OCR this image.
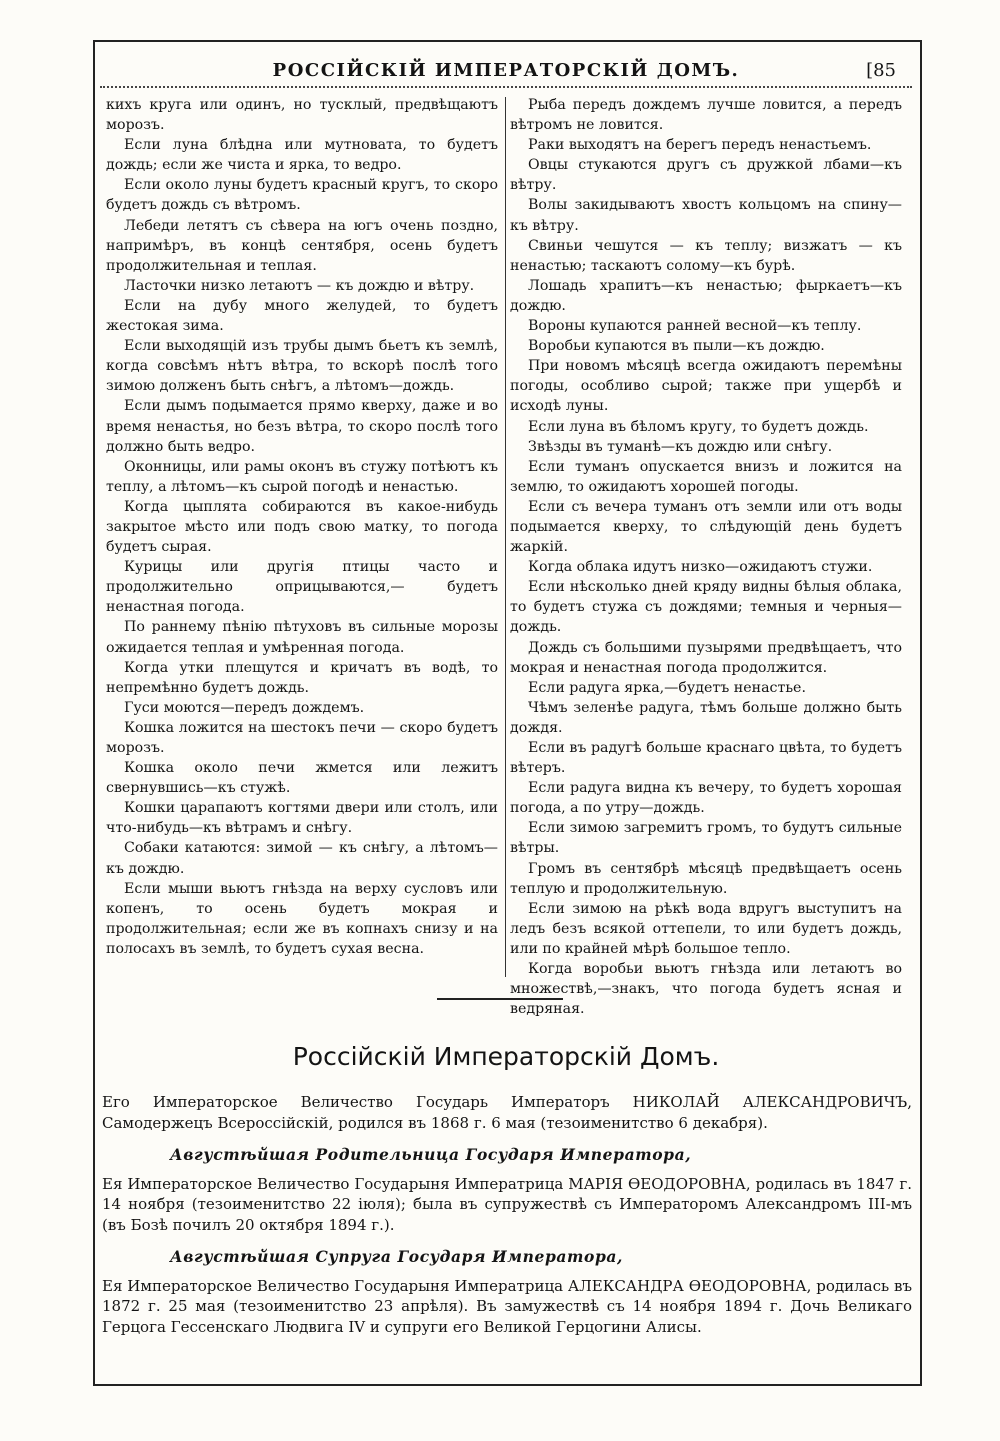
РОССІЙСКІЙ ИМПЕРАТОРСКІЙ ДОМЪ.	[85

кихъ круга или одинъ, но тусклый, предвѣщаютъ морозъ.

Если луна блѣдна или мутновата, то будетъ дождь; если же чиста и ярка, то ведро.

Если около луны будетъ красный кругъ, то скоро будетъ дождь съ вѣтромъ.

Лебеди летятъ съ сѣвера на югъ очень поздно, напримѣръ, въ концѣ сентября, осень будетъ продолжительная и теплая.

Ласточки низко летаютъ — къ дождю и вѣтру.

Если на дубу много желудей, то будетъ жестокая зима.

Если выходящій изъ трубы дымъ бьетъ къ землѣ, когда совсѣмъ нѣтъ вѣтра, то вскорѣ послѣ того зимою долженъ быть снѣгъ, а лѣтомъ—дождь.

Если дымъ подымается прямо кверху, даже и во время ненастья, но безъ вѣтра, то скоро послѣ того должно быть ведро.

Оконницы, или рамы оконъ въ стужу потѣютъ къ теплу, а лѣтомъ—къ сырой погодѣ и ненастью.

Когда цыплята собираются въ какое-нибудь закрытое мѣсто или подъ свою матку, то погода будетъ сырая.

Курицы или другія птицы часто и продолжительно оприцываются,— будетъ ненастная погода.

По раннему пѣнію пѣтуховъ въ сильные морозы ожидается теплая и умѣренная погода.

Когда утки плещутся и кричатъ въ водѣ, то непремѣнно будетъ дождь.

Гуси моются—передъ дождемъ.

Кошка ложится на шестокъ печи — скоро будетъ морозъ.

Кошка около печи жмется или лежитъ свернувшись—къ стужѣ.

Кошки царапаютъ когтями двери или столъ, или что-нибудь—къ вѣтрамъ и снѣгу.

Собаки катаются: зимой — къ снѣгу, а лѣтомъ—къ дождю.

Если мыши вьютъ гнѣзда на верху сусловъ или копенъ, то осень будетъ мокрая и продолжительная; если же въ копнахъ снизу и на полосахъ въ землѣ, то будетъ сухая весна.

Рыба передъ дождемъ лучше ловится, а передъ вѣтромъ не ловится.

Раки выходятъ на берегъ передъ ненастьемъ.

Овцы стукаются другъ съ дружкой лбами—къ вѣтру.

Волы закидываютъ хвостъ кольцомъ на спину—къ вѣтру.

Свиньи чешутся — къ теплу; визжатъ — къ ненастью; таскаютъ солому—къ бурѣ.

Лошадь храпитъ—къ ненастью; фыркаетъ—къ дождю.

Вороны купаются ранней весной—къ теплу.

Воробьи купаются въ пыли—къ дождю.

При новомъ мѣсяцѣ всегда ожидаютъ перемѣны погоды, особливо сырой; также при ущербѣ и исходѣ луны.

Если луна въ бѣломъ кругу, то будетъ дождь.

Звѣзды въ туманѣ—къ дождю или снѣгу.

Если туманъ опускается внизъ и ложится на землю, то ожидаютъ хорошей погоды.

Если съ вечера туманъ отъ земли или отъ воды подымается кверху, то слѣдующій день будетъ жаркій.

Когда облака идутъ низко—ожидаютъ стужи.

Если нѣсколько дней кряду видны бѣлыя облака, то будетъ стужа съ дождями; темныя и черныя—дождь.

Дождь съ большими пузырями предвѣщаетъ, что мокрая и ненастная погода продолжится.

Если радуга ярка,—будетъ ненастье.

Чѣмъ зеленѣе радуга, тѣмъ больше должно быть дождя.

Если въ радугѣ больше краснаго цвѣта, то будетъ вѣтеръ.

Если радуга видна къ вечеру, то будетъ хорошая погода, а по утру—дождь.

Если зимою загремитъ громъ, то будутъ сильные вѣтры.

Громъ въ сентябрѣ мѣсяцѣ предвѣщаетъ осень теплую и продолжительную.

Если зимою на рѣкѣ вода вдругъ выступитъ на ледъ безъ всякой оттепели, то или будетъ дождь, или по крайней мѣрѣ большое тепло.

Когда воробьи вьютъ гнѣзда или летаютъ во множествѣ,—знакъ, что погода будетъ ясная и ведряная.

Россійскій Императорскій Домъ.

Его Императорское Величество Государь Императоръ НИКОЛАЙ АЛЕКСАНДРОВИЧЪ, Самодержецъ Всероссійскій, родился въ 1868 г. 6 мая (тезоименитство 6 декабря).

Августѣйшая Родительница Государя Императора,

Ея Императорское Величество Государыня Императрица МАРІЯ ѲЕОДОРОВНА, родилась въ 1847 г. 14 ноября (тезоименитство 22 іюля); была въ супружествѣ съ Императоромъ Александромъ III-мъ (въ Бозѣ почилъ 20 октября 1894 г.).

Августѣйшая Супруга Государя Императора,

Ея Императорское Величество Государыня Императрица АЛЕКСАНДРА ѲЕОДОРОВНА, родилась въ 1872 г. 25 мая (тезоименитство 23 апрѣля). Въ замужествѣ съ 14 ноября 1894 г. Дочь Великаго Герцога Гессенскаго Людвига IV и супруги его Великой Герцогини Алисы.
